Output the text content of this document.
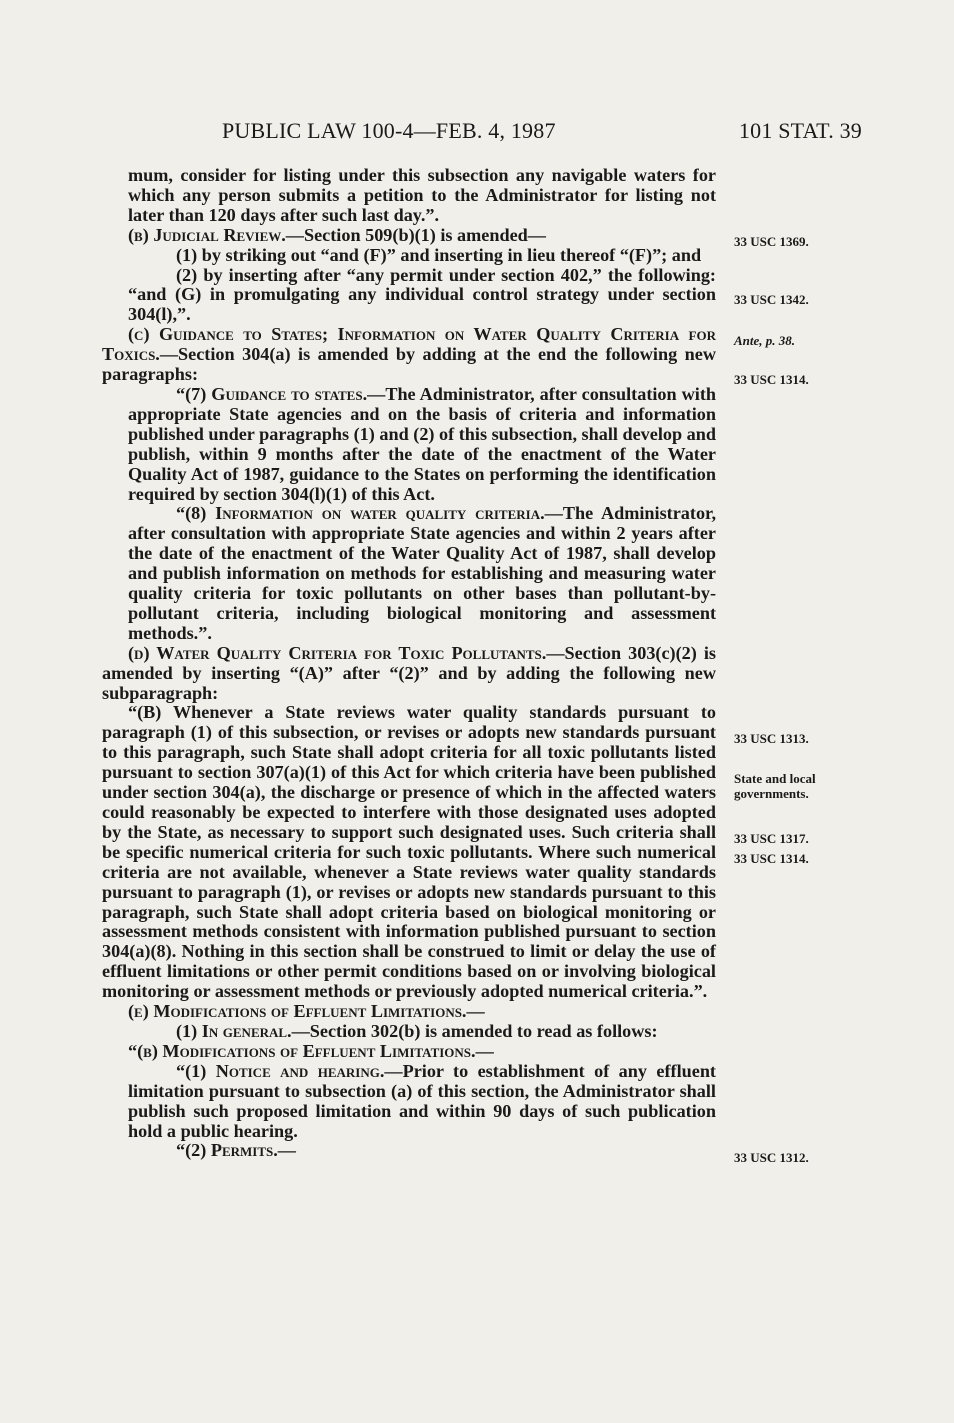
PUBLIC LAW 100-4—FEB. 4, 1987	101 STAT. 39

mum, consider for listing under this subsection any navigable waters for which any person submits a petition to the Administrator for listing not later than 120 days after such last day.”.

(b) Judicial Review.—Section 509(b)(1) is amended—

(1) by striking out “and (F)” and inserting in lieu thereof “(F)”; and

(2) by inserting after “any permit under section 402,” the following: “and (G) in promulgating any individual control strategy under section 304(l),”.

(c) Guidance to States; Information on Water Quality Criteria for Toxics.—Section 304(a) is amended by adding at the end the following new paragraphs:

“(7) Guidance to states.—The Administrator, after consultation with appropriate State agencies and on the basis of criteria and information published under paragraphs (1) and (2) of this subsection, shall develop and publish, within 9 months after the date of the enactment of the Water Quality Act of 1987, guidance to the States on performing the identification required by section 304(l)(1) of this Act.

“(8) Information on water quality criteria.—The Administrator, after consultation with appropriate State agencies and within 2 years after the date of the enactment of the Water Quality Act of 1987, shall develop and publish information on methods for establishing and measuring water quality criteria for toxic pollutants on other bases than pollutant-by-pollutant criteria, including biological monitoring and assessment methods.”.

(d) Water Quality Criteria for Toxic Pollutants.—Section 303(c)(2) is amended by inserting “(A)” after “(2)” and by adding the following new subparagraph:

“(B) Whenever a State reviews water quality standards pursuant to paragraph (1) of this subsection, or revises or adopts new standards pursuant to this paragraph, such State shall adopt criteria for all toxic pollutants listed pursuant to section 307(a)(1) of this Act for which criteria have been published under section 304(a), the discharge or presence of which in the affected waters could reasonably be expected to interfere with those designated uses adopted by the State, as necessary to support such designated uses. Such criteria shall be specific numerical criteria for such toxic pollutants. Where such numerical criteria are not available, whenever a State reviews water quality standards pursuant to paragraph (1), or revises or adopts new standards pursuant to this paragraph, such State shall adopt criteria based on biological monitoring or assessment methods consistent with information published pursuant to section 304(a)(8). Nothing in this section shall be construed to limit or delay the use of effluent limitations or other permit conditions based on or involving biological monitoring or assessment methods or previously adopted numerical criteria.”.

(e) Modifications of Effluent Limitations.—

(1) In general.—Section 302(b) is amended to read as follows:

“(b) Modifications of Effluent Limitations.—

“(1) Notice and hearing.—Prior to establishment of any effluent limitation pursuant to subsection (a) of this section, the Administrator shall publish such proposed limitation and within 90 days of such publication hold a public hearing.

“(2) Permits.—

33 USC 1369.
33 USC 1342.
Ante, p. 38.
33 USC 1314.
33 USC 1313.
State and local governments.
33 USC 1317.
33 USC 1314.
33 USC 1312.
